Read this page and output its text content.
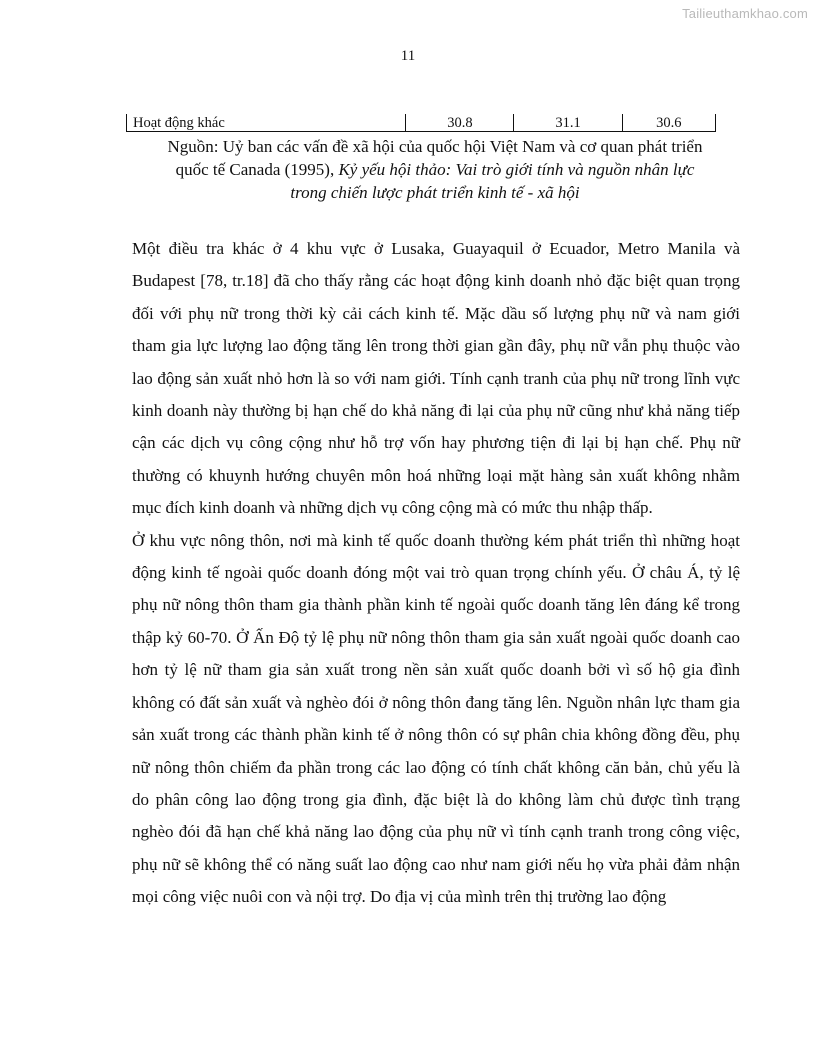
Tailieuthamkhao.com
11
Hoạt động khác	30.8	31.1	30.6
Nguồn: Uỷ ban các vấn đề xã hội của quốc hội Việt Nam và cơ quan phát triển
quốc tế Canada (1995), Kỷ yếu hội thảo: Vai trò giới tính và nguồn nhân lực
trong chiến lược phát triển kinh tế - xã hội

Một điều tra khác ở 4 khu vực ở Lusaka, Guayaquil ở Ecuador, Metro Manila và Budapest [78, tr.18] đã cho thấy rằng các hoạt động kinh doanh nhỏ đặc biệt quan trọng đối với phụ nữ trong thời kỳ cải cách kinh tế. Mặc dầu số lượng phụ nữ và nam giới tham gia lực lượng lao động tăng lên trong thời gian gần đây, phụ nữ vẫn phụ thuộc vào lao động sản xuất nhỏ hơn là so với nam giới. Tính cạnh tranh của phụ nữ trong lĩnh vực kinh doanh này thường bị hạn chế do khả năng đi lại của phụ nữ cũng như khả năng tiếp cận các dịch vụ công cộng như hỗ trợ vốn hay phương tiện đi lại bị hạn chế. Phụ nữ thường có khuynh hướng chuyên môn hoá những loại mặt hàng sản xuất không nhằm mục đích kinh doanh và những dịch vụ công cộng mà có mức thu nhập thấp.

Ở khu vực nông thôn, nơi mà kinh tế quốc doanh thường kém phát triển thì những hoạt động kinh tế ngoài quốc doanh đóng một vai trò quan trọng chính yếu. Ở châu Á, tỷ lệ phụ nữ nông thôn tham gia thành phần kinh tế ngoài quốc doanh tăng lên đáng kể trong thập kỷ 60-70. Ở Ấn Độ tỷ lệ phụ nữ nông thôn tham gia sản xuất ngoài quốc doanh cao hơn tỷ lệ nữ tham gia sản xuất trong nền sản xuất quốc doanh bởi vì số hộ gia đình không có đất sản xuất và nghèo đói ở nông thôn đang tăng lên. Nguồn nhân lực tham gia sản xuất trong các thành phần kinh tế ở nông thôn có sự phân chia không đồng đều, phụ nữ nông thôn chiếm đa phần trong các lao động có tính chất không căn bản, chủ yếu là do phân công lao động trong gia đình, đặc biệt là do không làm chủ được tình trạng nghèo đói đã hạn chế khả năng lao động của phụ nữ vì tính cạnh tranh trong công việc, phụ nữ sẽ không thể có năng suất lao động cao như nam giới nếu họ vừa phải đảm nhận mọi công việc nuôi con và nội trợ. Do địa vị của mình trên thị trường lao động
